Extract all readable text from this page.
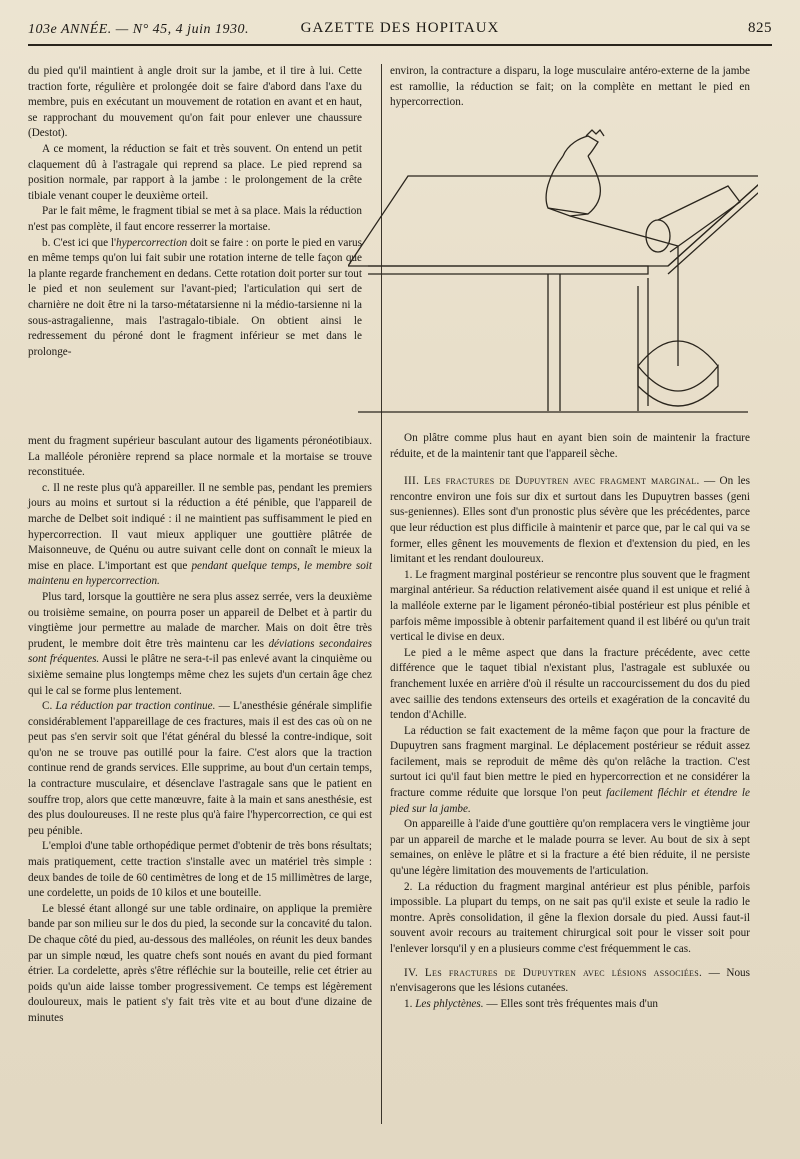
103e ANNÉE. — N° 45, 4 juin 1930.	GAZETTE DES HOPITAUX	825

du pied qu'il maintient à angle droit sur la jambe, et il tire à lui. Cette traction forte, régulière et prolongée doit se faire d'abord dans l'axe du membre, puis en exécutant un mouvement de rotation en avant et en haut, se rapprochant du mouvement qu'on fait pour enlever une chaussure (Destot).

A ce moment, la réduction se fait et très souvent. On entend un petit claquement dû à l'astragale qui reprend sa place. Le pied reprend sa position normale, par rapport à la jambe : le prolongement de la crête tibiale venant couper le deuxième orteil.

Par le fait même, le fragment tibial se met à sa place. Mais la réduction n'est pas complète, il faut encore resserrer la mortaise.

b. C'est ici que l'hypercorrection doit se faire : on porte le pied en varus en même temps qu'on lui fait subir une rotation interne de telle façon que la plante regarde franchement en dedans. Cette rotation doit porter sur tout le pied et non seulement sur l'avant-pied; l'articulation qui sert de charnière ne doit être ni la tarso-métatarsienne ni la médio-tarsienne ni la sous-astragalienne, mais l'astragalo-tibiale. On obtient ainsi le redressement du péroné dont le fragment inférieur se met dans le prolonge-

environ, la contracture a disparu, la loge musculaire antéro-externe de la jambe est ramollie, la réduction se fait; on la complète en mettant le pied en hypercorrection.

On plâtre comme plus haut en ayant bien soin de maintenir la fracture réduite, et de la maintenir tant que l'appareil sèche.

III. Les fractures de Dupuytren avec fragment marginal. — On les rencontre environ une fois sur dix et surtout dans les Dupuytren basses (geni sus-geniennes). Elles sont d'un pronostic plus sévère que les précédentes, parce que leur réduction est plus difficile à maintenir et parce que, par le cal qui va se former, elles gênent les mouvements de flexion et d'extension du pied, en les limitant et les rendant douloureux.

1. Le fragment marginal postérieur se rencontre plus souvent que le fragment marginal antérieur. Sa réduction relativement aisée quand il est unique et relié à la malléole externe par le ligament péronéo-tibial postérieur est plus pénible et parfois même impossible à obtenir parfaitement quand il est libéré ou qu'un trait vertical le divise en deux.

Le pied a le même aspect que dans la fracture précédente, avec cette différence que le taquet tibial n'existant plus, l'astragale est subluxée ou franchement luxée en arrière d'où il résulte un raccourcissement du dos du pied avec saillie des tendons extenseurs des orteils et exagération de la concavité du tendon d'Achille.

La réduction se fait exactement de la même façon que pour la fracture de Dupuytren sans fragment marginal. Le déplacement postérieur se réduit assez facilement, mais se reproduit de même dès qu'on relâche la traction. C'est surtout ici qu'il faut bien mettre le pied en hypercorrection et ne considérer la fracture comme réduite que lorsque l'on peut facilement fléchir et étendre le pied sur la jambe.

On appareille à l'aide d'une gouttière qu'on remplacera vers le vingtième jour par un appareil de marche et le malade pourra se lever. Au bout de six à sept semaines, on enlève le plâtre et si la fracture a été bien réduite, il ne persiste qu'une légère limitation des mouvements de l'articulation.

2. La réduction du fragment marginal antérieur est plus pénible, parfois impossible. La plupart du temps, on ne sait pas qu'il existe et seule la radio le montre. Après consolidation, il gêne la flexion dorsale du pied. Aussi faut-il souvent avoir recours au traitement chirurgical soit pour le visser soit pour l'enlever lorsqu'il y en a plusieurs comme c'est fréquemment le cas.

IV. Les fractures de Dupuytren avec lésions associées. — Nous n'envisagerons que les lésions cutanées.

1. Les phlyctènes. — Elles sont très fréquentes mais d'un

ment du fragment supérieur basculant autour des ligaments péronéotibiaux. La malléole péronière reprend sa place normale et la mortaise se trouve reconstituée.

c. Il ne reste plus qu'à appareiller. Il ne semble pas, pendant les premiers jours au moins et surtout si la réduction a été pénible, que l'appareil de marche de Delbet soit indiqué : il ne maintient pas suffisamment le pied en hypercorrection. Il vaut mieux appliquer une gouttière plâtrée de Maisonneuve, de Quénu ou autre suivant celle dont on connaît le mieux la mise en place. L'important est que pendant quelque temps, le membre soit maintenu en hypercorrection.

Plus tard, lorsque la gouttière ne sera plus assez serrée, vers la deuxième ou troisième semaine, on pourra poser un appareil de Delbet et à partir du vingtième jour permettre au malade de marcher. Mais on doit être très prudent, le membre doit être très maintenu car les déviations secondaires sont fréquentes. Aussi le plâtre ne sera-t-il pas enlevé avant la cinquième ou sixième semaine plus longtemps même chez les sujets d'un certain âge chez qui le cal se forme plus lentement.

C. La réduction par traction continue. — L'anesthésie générale simplifie considérablement l'appareillage de ces fractures, mais il est des cas où on ne peut pas s'en servir soit que l'état général du blessé la contre-indique, soit qu'on ne se trouve pas outillé pour la faire. C'est alors que la traction continue rend de grands services. Elle supprime, au bout d'un certain temps, la contracture musculaire, et désenclave l'astragale sans que le patient en souffre trop, alors que cette manœuvre, faite à la main et sans anesthésie, est des plus douloureuses. Il ne reste plus qu'à faire l'hypercorrection, ce qui est peu pénible.

L'emploi d'une table orthopédique permet d'obtenir de très bons résultats; mais pratiquement, cette traction s'installe avec un matériel très simple : deux bandes de toile de 60 centimètres de long et de 15 millimètres de large, une cordelette, un poids de 10 kilos et une bouteille.

Le blessé étant allongé sur une table ordinaire, on applique la première bande par son milieu sur le dos du pied, la seconde sur la concavité du talon. De chaque côté du pied, au-dessous des malléoles, on réunit les deux bandes par un simple nœud, les quatre chefs sont noués en avant du pied formant étrier. La cordelette, après s'être réfléchie sur la bouteille, relie cet étrier au poids qu'un aide laisse tomber progressivement. Ce temps est légèrement douloureux, mais le patient s'y fait très vite et au bout d'une dizaine de minutes
